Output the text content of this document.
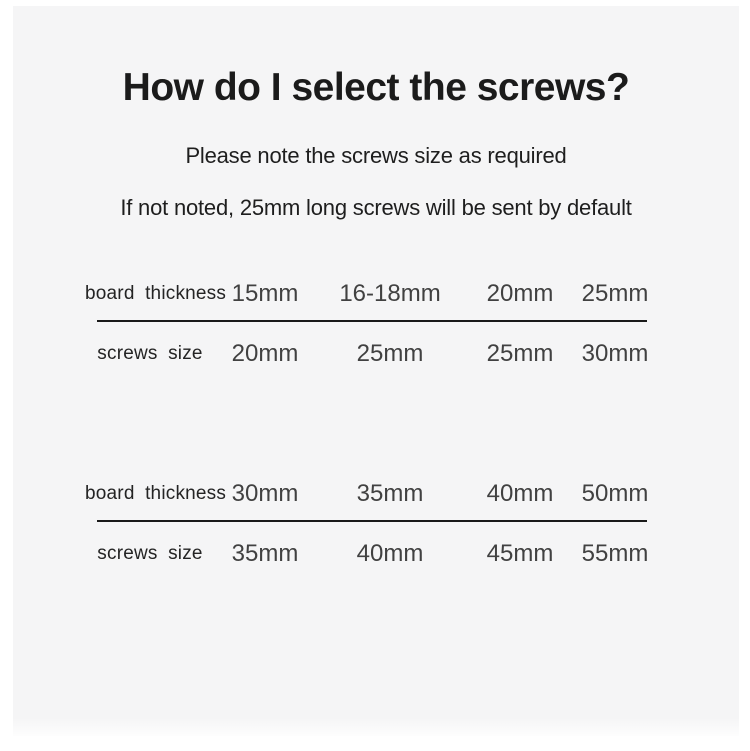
How do I select the screws?

Please note the screws size as required

If not noted, 25mm long screws will be sent by default

board thickness 15mm	16-18mm	20mm	25mm
screws size	20mm	25mm	25mm	30mm
board thickness 30mm	35mm	40mm	50mm
screws size	35mm	40mm	45mm	55mm
